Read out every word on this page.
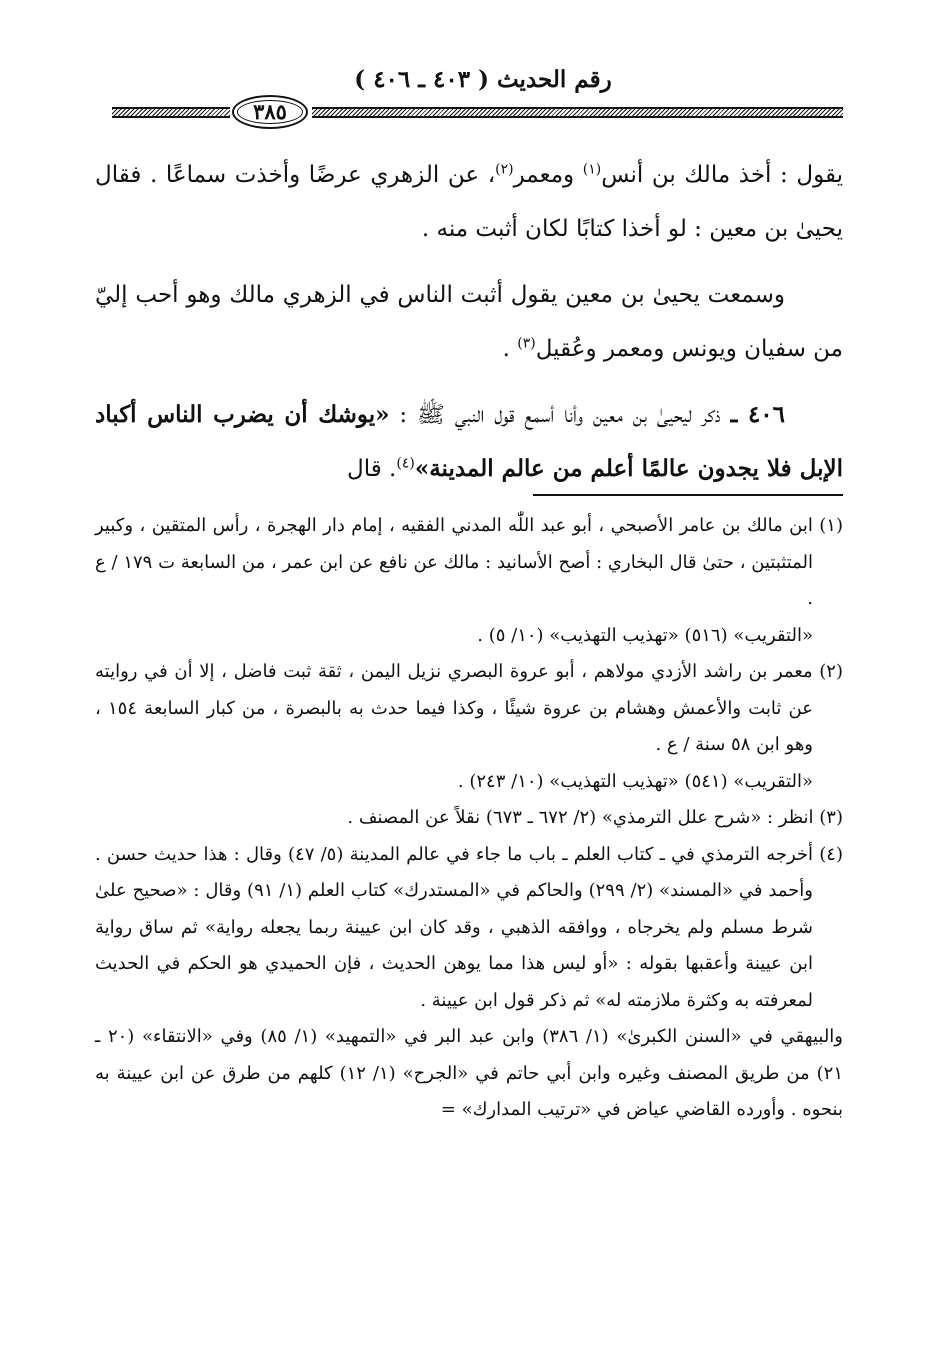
رقم الحديث ( ٤٠٣ ـ ٤٠٦ )
٣٨٥

يقول : أخذ مالك بن أنس$^{(١)}$ ومعمر$^{(٢)}$، عن الزهري عرضًا وأخذت سماعًا . فقال يحيىٰ بن معين : لو أخذا كتابًا لكان أثبت منه .

وسمعت يحيىٰ بن معين يقول أثبت الناس في الزهري مالك وهو أحب إليّ من سفيان ويونس ومعمر وعُقيل$^{(٣)}$ .

٤٠٦ ـ ذكر ليحيىٰ بن معين وأنا أسمع قول النبي ﷺ : «يوشك أن يضرب الناس أكباد الإبل فلا يجدون عالمًا أعلم من عالم المدينة»$^{(٤)}$. قال

(١) ابن مالك بن عامر الأصبحي ، أبو عبد اللّٰه المدني الفقيه ، إمام دار الهجرة ، رأس المتقين ، وكبير المتثبتين ، حتىٰ قال البخاري : أصح الأسانيد : مالك عن نافع عن ابن عمر ، من السابعة ت ١٧٩ / ع .

«التقريب» (٥١٦) «تهذيب التهذيب» (١٠/ ٥) .

(٢) معمر بن راشد الأزدي مولاهم ، أبو عروة البصري نزيل اليمن ، ثقة ثبت فاضل ، إلا أن في روايته عن ثابت والأعمش وهشام بن عروة شيئًا ، وكذا فيما حدث به بالبصرة ، من كبار السابعة ١٥٤ ، وهو ابن ٥٨ سنة / ع .

«التقريب» (٥٤١) «تهذيب التهذيب» (١٠/ ٢٤٣) .

(٣) انظر : «شرح علل الترمذي» (٢/ ٦٧٢ ـ ٦٧٣) نقلاً عن المصنف .

(٤) أخرجه الترمذي في ـ كتاب العلم ـ باب ما جاء في عالم المدينة (٥/ ٤٧) وقال : هذا حديث حسن . وأحمد في «المسند» (٢/ ٢٩٩) والحاكم في «المستدرك» كتاب العلم (١/ ٩١) وقال : «صحيح علىٰ شرط مسلم ولم يخرجاه ، ووافقه الذهبي ، وقد كان ابن عيينة ربما يجعله رواية» ثم ساق رواية ابن عيينة وأعقبها بقوله : «أو ليس هذا مما يوهن الحديث ، فإن الحميدي هو الحكم في الحديث لمعرفته به وكثرة ملازمته له» ثم ذكر قول ابن عيينة .

والبيهقي في «السنن الكبرىٰ» (١/ ٣٨٦) وابن عبد البر في «التمهيد» (١/ ٨٥) وفي «الانتقاء» (٢٠ ـ ٢١) من طريق المصنف وغيره وابن أبي حاتم في «الجرح» (١/ ١٢) كلهم من طرق عن ابن عيينة به بنحوه . وأورده القاضي عياض في «ترتيب المدارك» =
